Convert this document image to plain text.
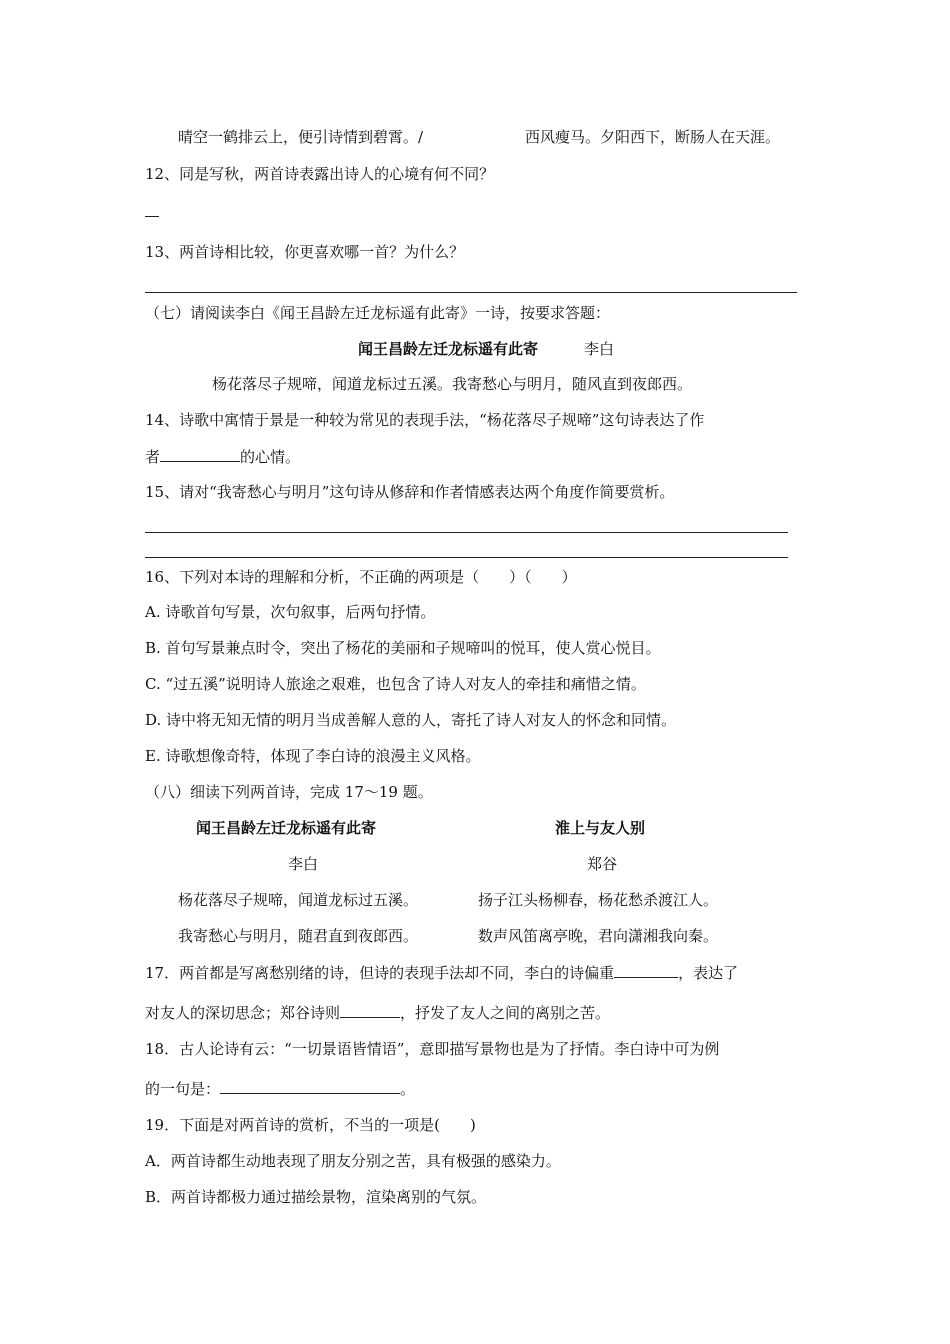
晴空一鹤排云上，便引诗情到碧霄。/	西风瘦马。夕阳西下，断肠人在天涯。
12、同是写秋，两首诗表露出诗人的心境有何不同？
13、两首诗相比较，你更喜欢哪一首？为什么？
（七）请阅读李白《闻王昌龄左迁龙标遥有此寄》一诗，按要求答题：
闻王昌龄左迁龙标遥有此寄	李白
杨花落尽子规啼，闻道龙标过五溪。我寄愁心与明月，随风直到夜郎西。
14、诗歌中寓情于景是一种较为常见的表现手法，“杨花落尽子规啼”这句诗表达了作
者	的心情。
15、请对“我寄愁心与明月”这句诗从修辞和作者情感表达两个角度作简要赏析。
16、下列对本诗的理解和分析，不正确的两项是（　　）（　　）
A. 诗歌首句写景，次句叙事，后两句抒情。
B. 首句写景兼点时令，突出了杨花的美丽和子规啼叫的悦耳，使人赏心悦目。
C. “过五溪”说明诗人旅途之艰难，也包含了诗人对友人的牵挂和痛惜之情。
D. 诗中将无知无情的明月当成善解人意的人，寄托了诗人对友人的怀念和同情。
E. 诗歌想像奇特，体现了李白诗的浪漫主义风格。
（八）细读下列两首诗，完成 17～19 题。
闻王昌龄左迁龙标遥有此寄	淮上与友人别
李白	郑谷
杨花落尽子规啼，闻道龙标过五溪。	扬子江头杨柳春，杨花愁杀渡江人。
我寄愁心与明月，随君直到夜郎西。	数声风笛离亭晚，君向潇湘我向秦。
17．两首都是写离愁别绪的诗，但诗的表现手法却不同，李白的诗偏重	，表达了
对友人的深切思念；郑谷诗则	，抒发了友人之间的离别之苦。
18．古人论诗有云：“一切景语皆情语”，意即描写景物也是为了抒情。李白诗中可为例
的一句是：	。
19．下面是对两首诗的赏析，不当的一项是(　　)
A．两首诗都生动地表现了朋友分别之苦，具有极强的感染力。
B．两首诗都极力通过描绘景物，渲染离别的气氛。
